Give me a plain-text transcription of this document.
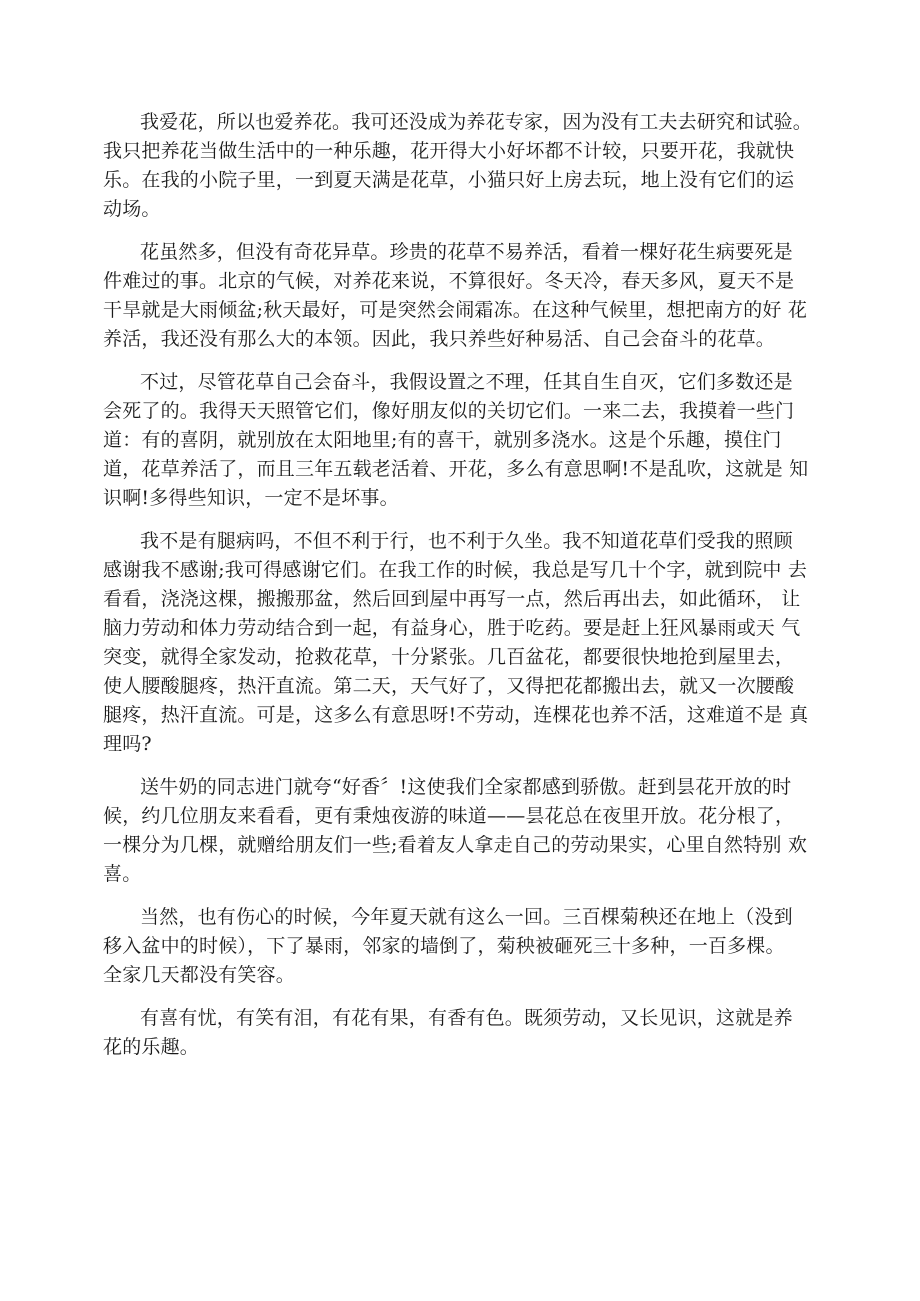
我爱花，所以也爱养花。我可还没成为养花专家，因为没有工夫去研究和试验。
我只把养花当做生活中的一种乐趣，花开得大小好坏都不计较，只要开花，我就快
乐。在我的小院子里，一到夏天满是花草，小猫只好上房去玩，地上没有它们的运
动场。

花虽然多，但没有奇花异草。珍贵的花草不易养活，看着一棵好花生病要死是
件难过的事。北京的气候，对养花来说，不算很好。冬天冷，春天多风，夏天不是
干旱就是大雨倾盆;秋天最好，可是突然会闹霜冻。在这种气候里，想把南方的好 花
养活，我还没有那么大的本领。因此，我只养些好种易活、自己会奋斗的花草。

不过，尽管花草自己会奋斗，我假设置之不理，任其自生自灭，它们多数还是
会死了的。我得天天照管它们，像好朋友似的关切它们。一来二去，我摸着一些门
道：有的喜阴，就别放在太阳地里;有的喜干，就别多浇水。这是个乐趣，摸住门
道，花草养活了，而且三年五载老活着、开花，多么有意思啊!不是乱吹，这就是 知
识啊!多得些知识，一定不是坏事。

我不是有腿病吗，不但不利于行，也不利于久坐。我不知道花草们受我的照顾
感谢我不感谢;我可得感谢它们。在我工作的时候，我总是写几十个字，就到院中 去
看看，浇浇这棵，搬搬那盆，然后回到屋中再写一点，然后再出去，如此循环， 让
脑力劳动和体力劳动结合到一起，有益身心，胜于吃药。要是赶上狂风暴雨或天 气
突变，就得全家发动，抢救花草，十分紧张。几百盆花，都要很快地抢到屋里去，
使人腰酸腿疼，热汗直流。第二天，天气好了，又得把花都搬出去，就又一次腰酸
腿疼，热汗直流。可是，这多么有意思呀!不劳动，连棵花也养不活，这难道不是 真
理吗?

送牛奶的同志进门就夸“好香〞!这使我们全家都感到骄傲。赶到昙花开放的时
候，约几位朋友来看看，更有秉烛夜游的味道——昙花总在夜里开放。花分根了，
一棵分为几棵，就赠给朋友们一些;看着友人拿走自己的劳动果实，心里自然特别 欢
喜。

当然，也有伤心的时候，今年夏天就有这么一回。三百棵菊秧还在地上（没到
移入盆中的时候），下了暴雨，邻家的墙倒了，菊秧被砸死三十多种，一百多棵。
全家几天都没有笑容。

有喜有忧，有笑有泪，有花有果，有香有色。既须劳动，又长见识，这就是养
花的乐趣。
